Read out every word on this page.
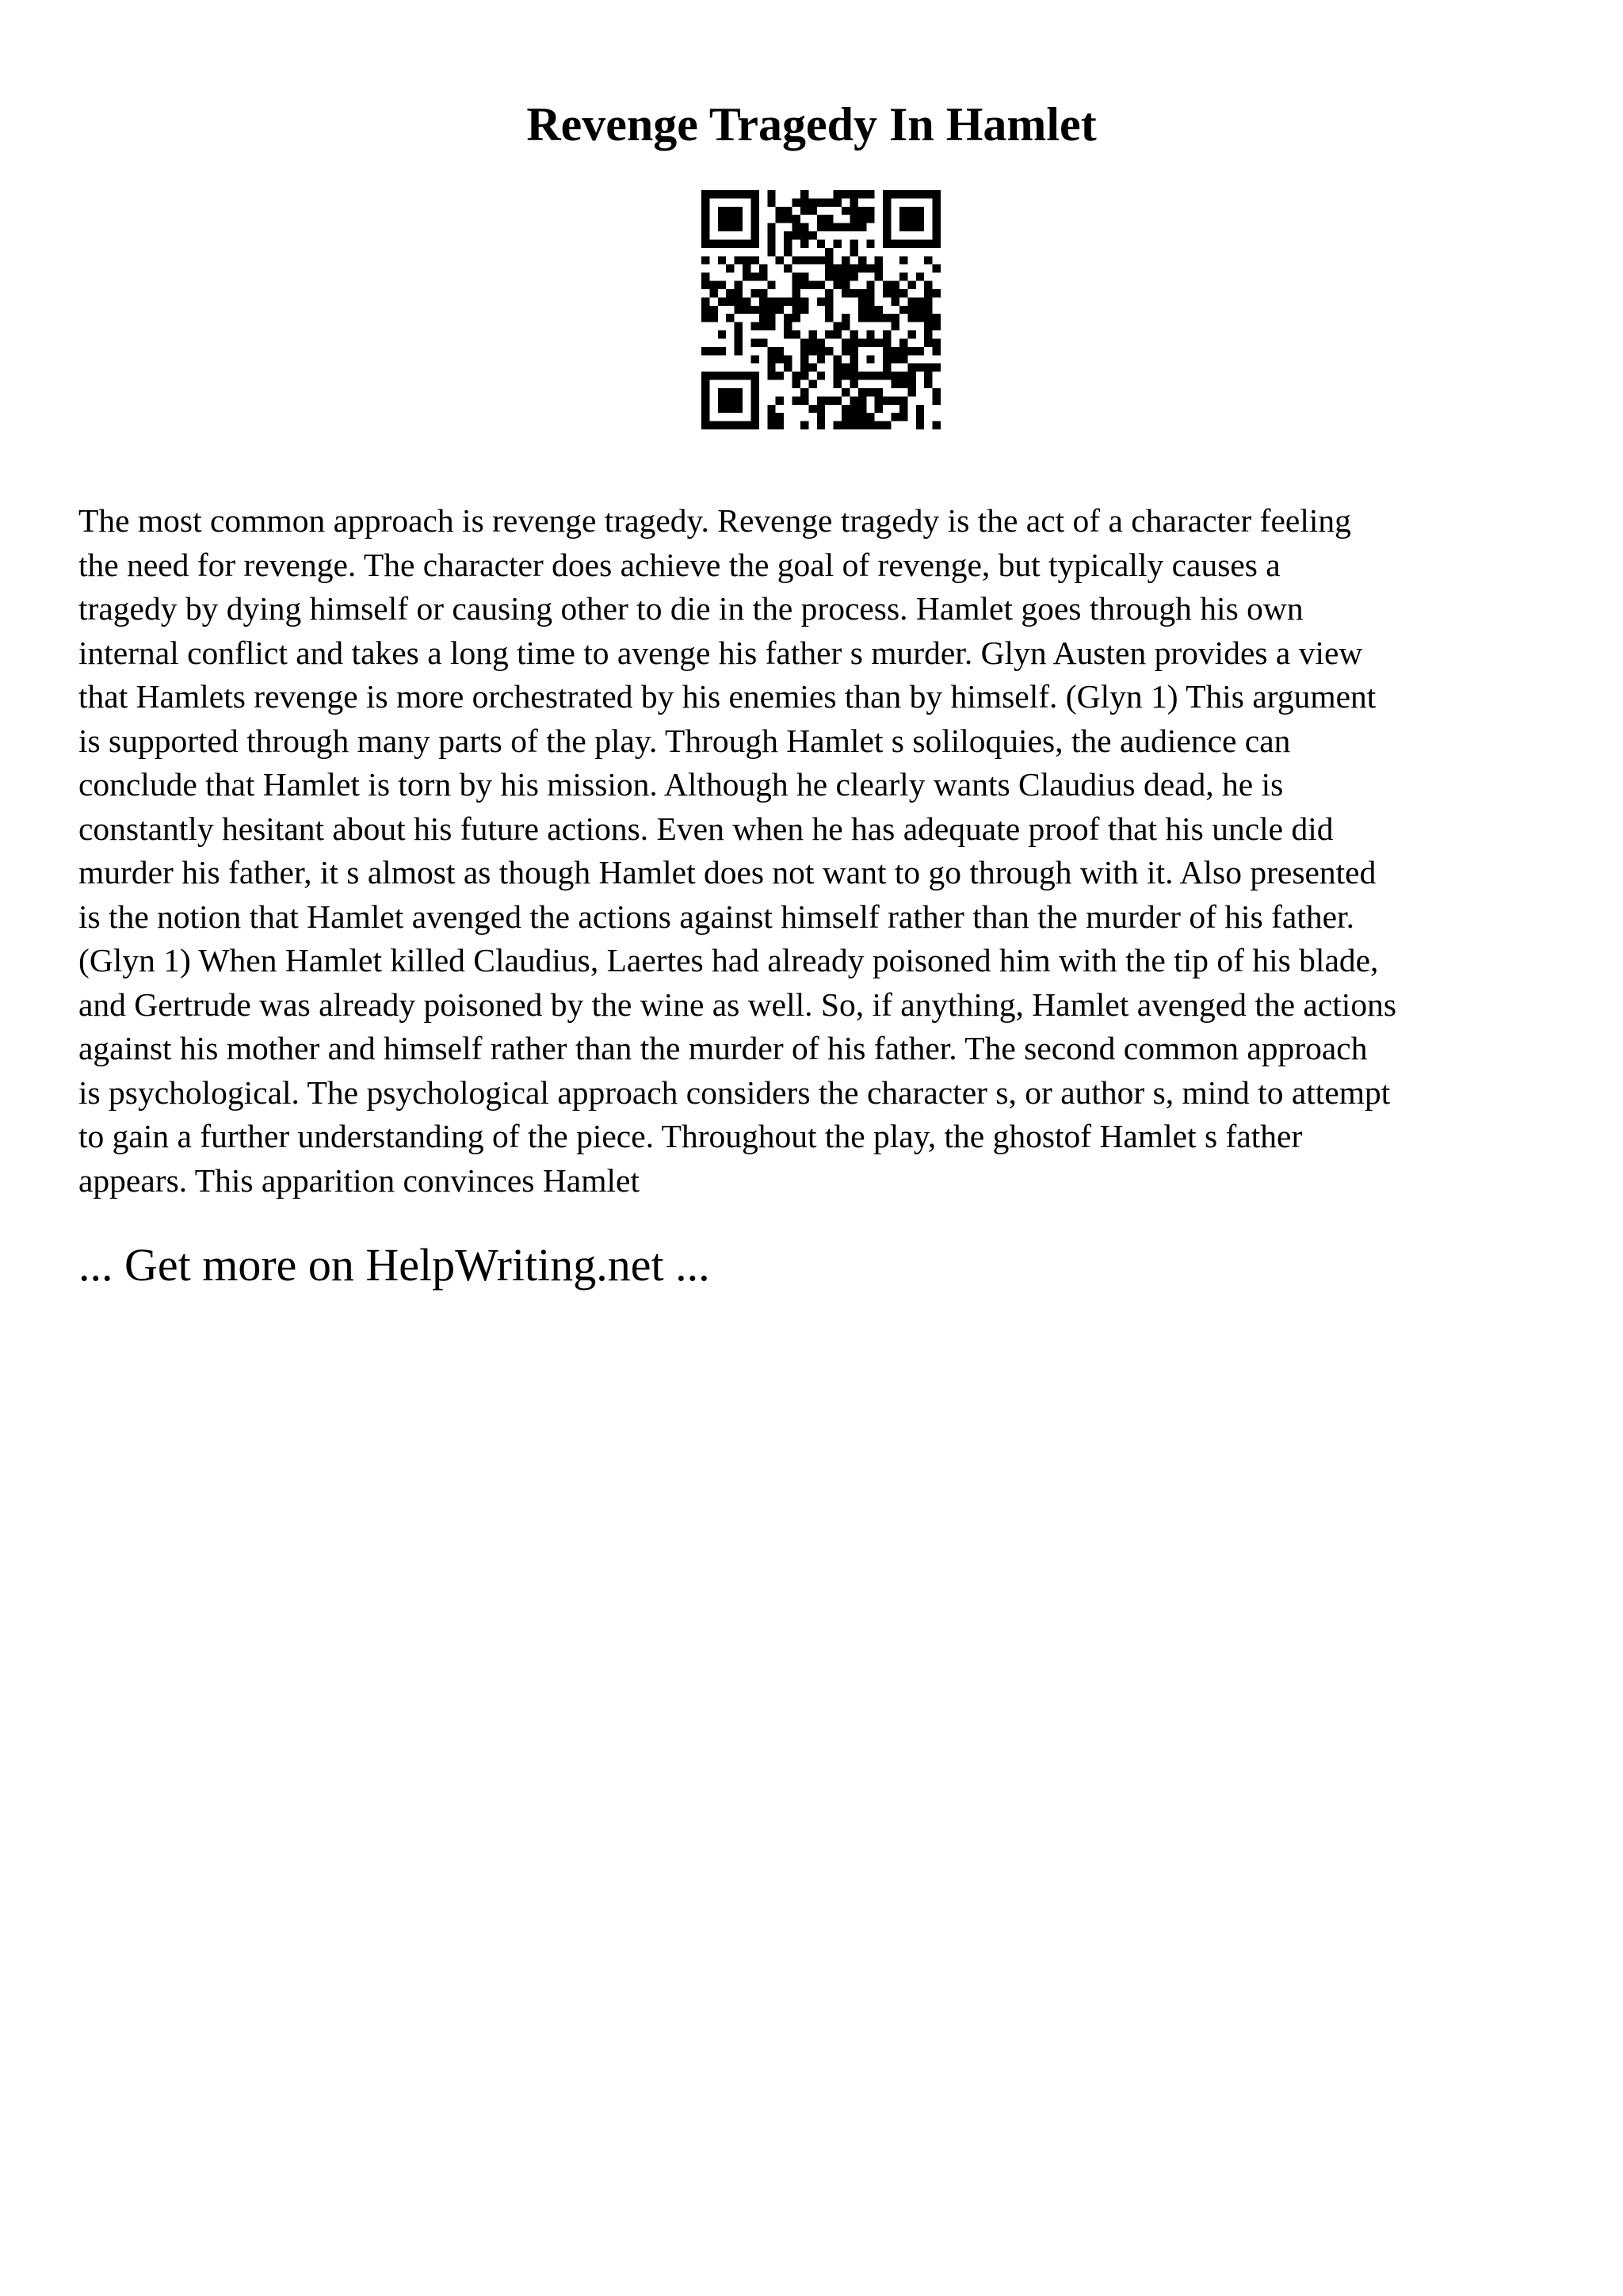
Revenge Tragedy In Hamlet
The most common approach is revenge tragedy. Revenge tragedy is the act of a character feeling
the need for revenge. The character does achieve the goal of revenge, but typically causes a
tragedy by dying himself or causing other to die in the process. Hamlet goes through his own
internal conflict and takes a long time to avenge his father s murder. Glyn Austen provides a view
that Hamlets revenge is more orchestrated by his enemies than by himself. (Glyn 1) This argument
is supported through many parts of the play. Through Hamlet s soliloquies, the audience can
conclude that Hamlet is torn by his mission. Although he clearly wants Claudius dead, he is
constantly hesitant about his future actions. Even when he has adequate proof that his uncle did
murder his father, it s almost as though Hamlet does not want to go through with it. Also presented
is the notion that Hamlet avenged the actions against himself rather than the murder of his father.
(Glyn 1) When Hamlet killed Claudius, Laertes had already poisoned him with the tip of his blade,
and Gertrude was already poisoned by the wine as well. So, if anything, Hamlet avenged the actions
against his mother and himself rather than the murder of his father. The second common approach
is psychological. The psychological approach considers the character s, or author s, mind to attempt
to gain a further understanding of the piece. Throughout the play, the ghostof Hamlet s father
appears. This apparition convinces Hamlet
... Get more on HelpWriting.net ...
